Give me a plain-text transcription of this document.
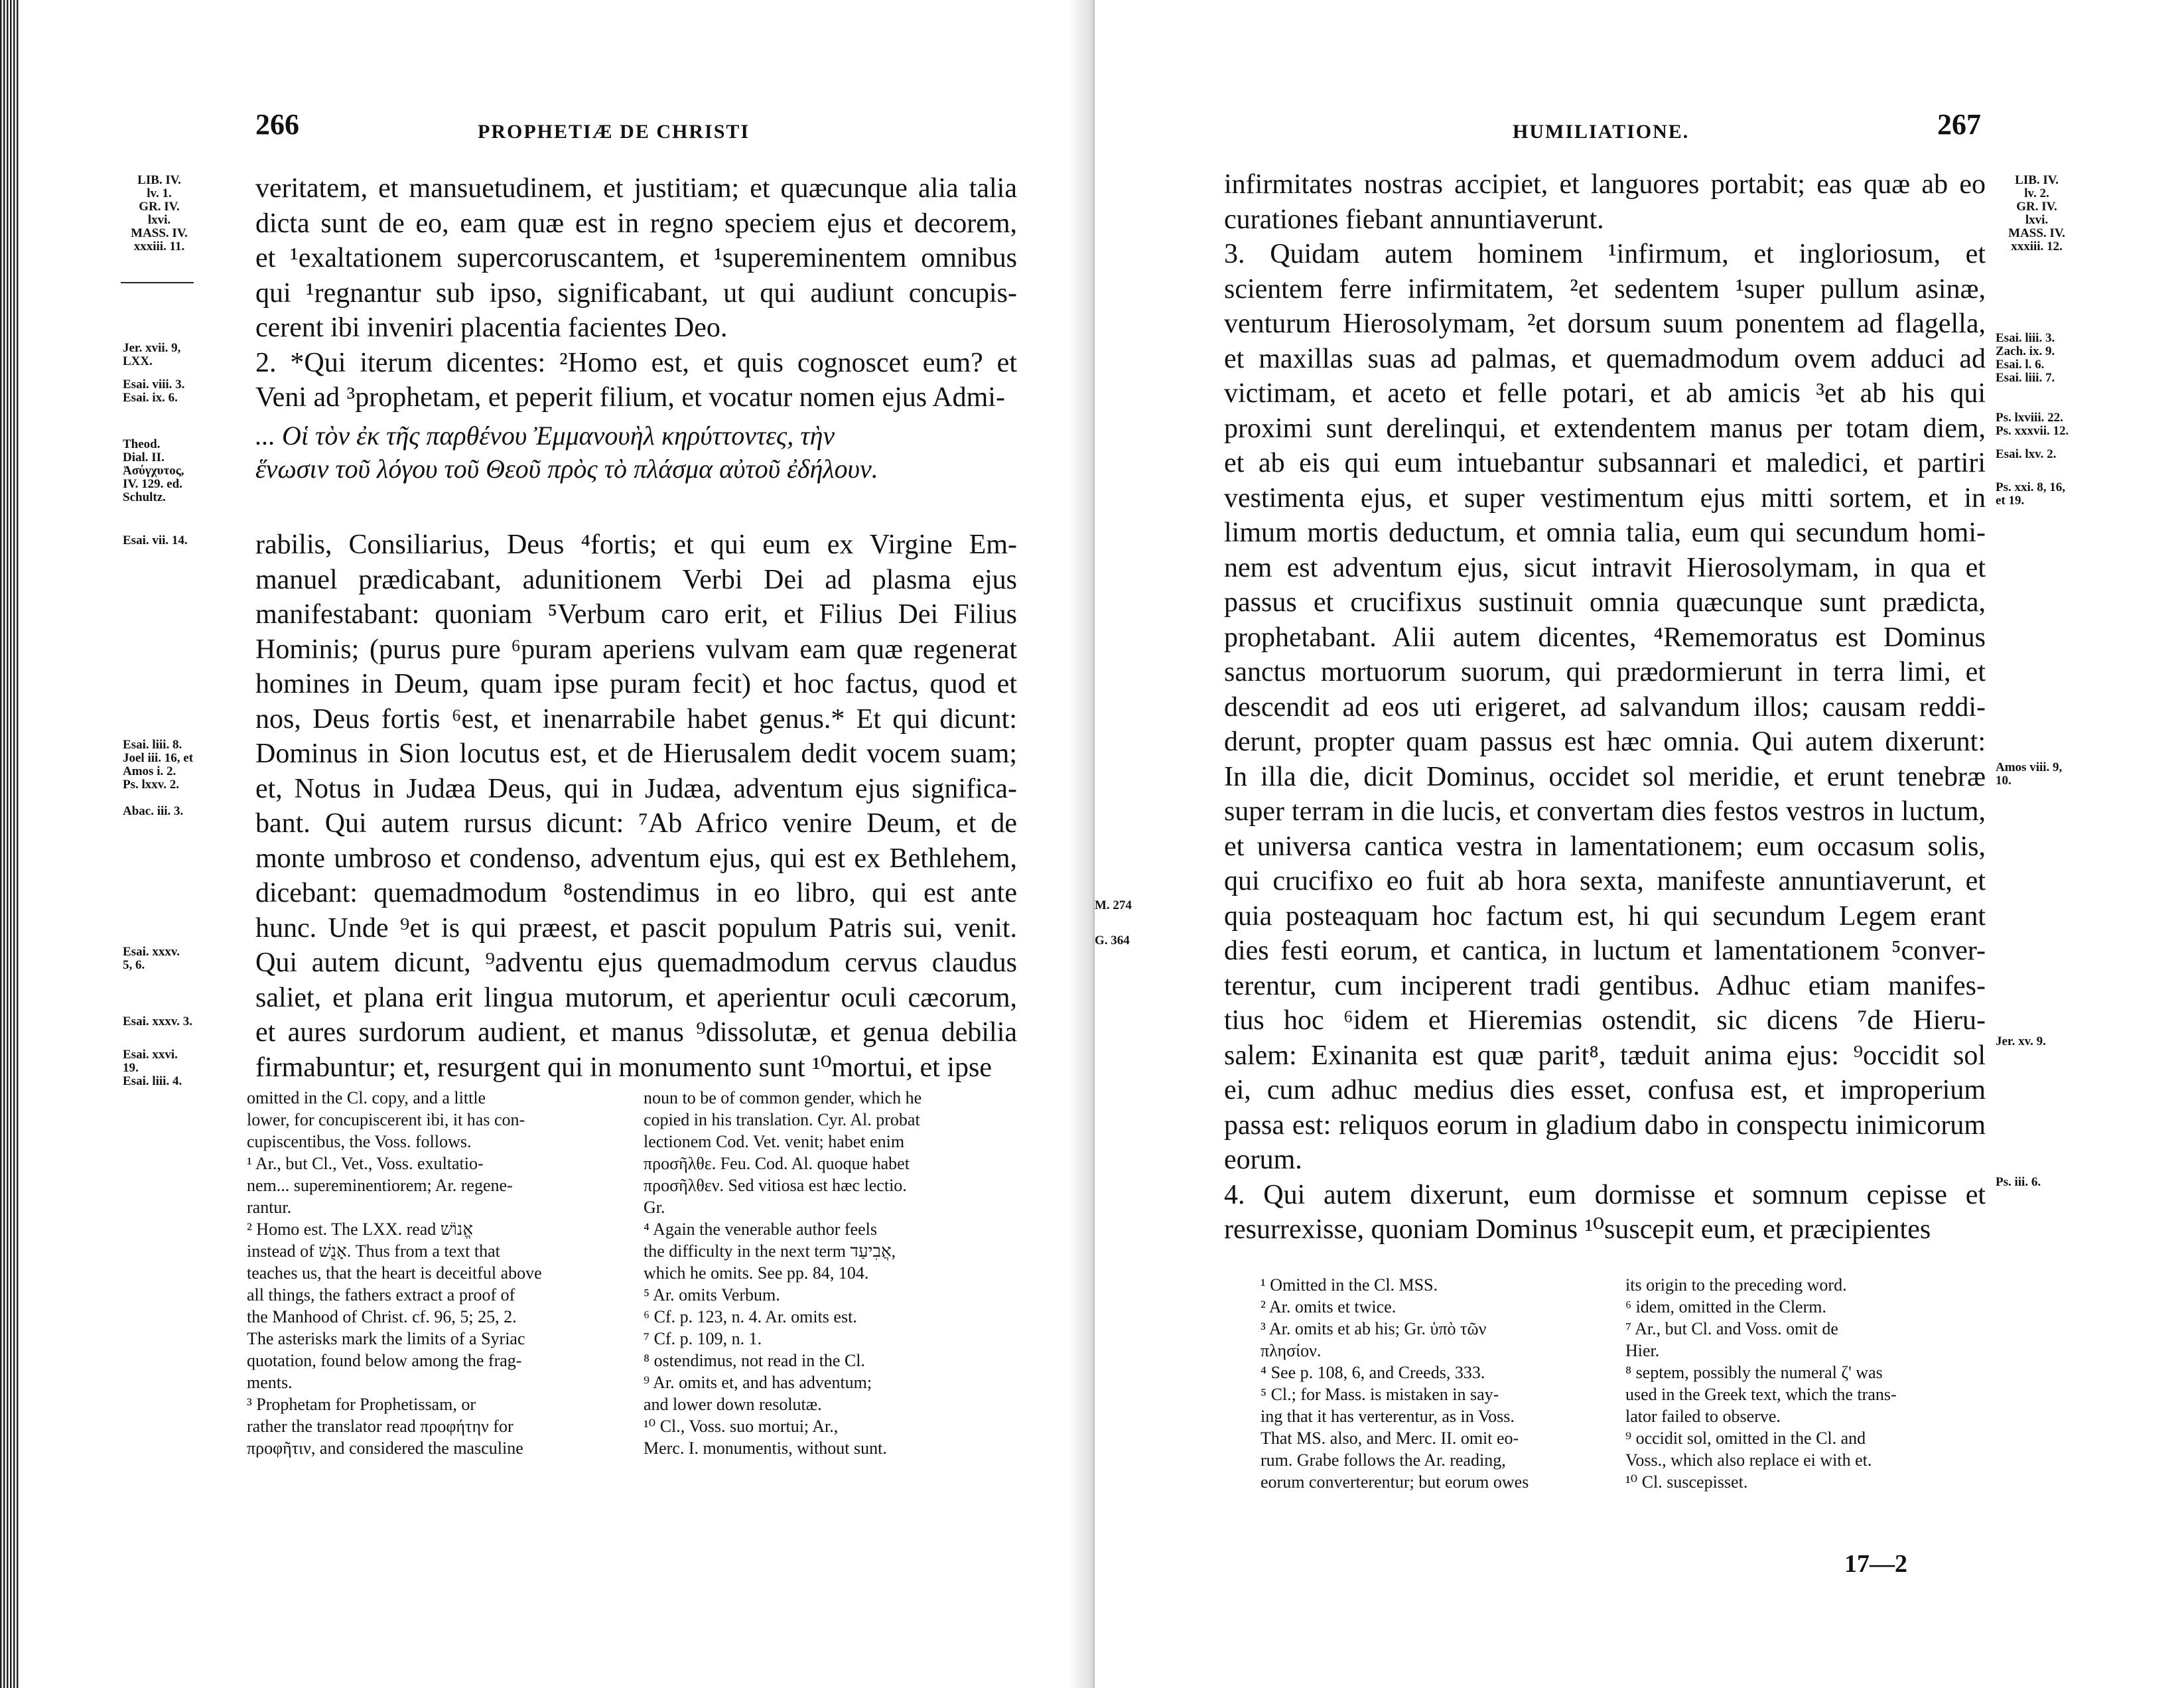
266	PROPHETIÆ DE CHRISTI
LIB. IV.
lv. 1.
GR. IV.
lxvi.
MASS. IV.
xxxiii. 11.
Jer. xvii. 9,
LXX.
Esai. viii. 3.
Esai. ix. 6.
Theod.
Dial. II.
Ἀσύγχυτος,
IV. 129. ed.
Schultz.
Esai. vii. 14.
Esai. liii. 8.
Joel iii. 16, et
Amos i. 2.
Ps. lxxv. 2.
Abac. iii. 3.
Esai. xxxv.
5, 6.
Esai. xxxv. 3.
Esai. xxvi.
19.
Esai. liii. 4.
veritatem, et mansuetudinem, et justitiam; et quæcunque alia talia
dicta sunt de eo, eam quæ est in regno speciem ejus et decorem,
et ¹exaltationem supercoruscantem, et ¹supereminentem omnibus
qui ¹regnantur sub ipso, significabant, ut qui audiunt concupis-
cerent ibi inveniri placentia facientes Deo.
2. *Qui iterum dicentes: ²Homo est, et quis cognoscet eum? et
Veni ad ³prophetam, et peperit filium, et vocatur nomen ejus Admi-
... Οἱ τὸν ἐκ τῆς παρθένου Ἐμμανουὴλ κηρύττοντες, τὴν
ἕνωσιν τοῦ λόγου τοῦ Θεοῦ πρὸς τὸ πλάσμα αὐτοῦ ἐδήλουν.
rabilis, Consiliarius, Deus ⁴fortis; et qui eum ex Virgine Em-
manuel prædicabant, adunitionem Verbi Dei ad plasma ejus
manifestabant: quoniam ⁵Verbum caro erit, et Filius Dei Filius
Hominis; (purus pure ⁶puram aperiens vulvam eam quæ regenerat
homines in Deum, quam ipse puram fecit) et hoc factus, quod et
nos, Deus fortis ⁶est, et inenarrabile habet genus.* Et qui dicunt:
Dominus in Sion locutus est, et de Hierusalem dedit vocem suam;
et, Notus in Judæa Deus, qui in Judæa, adventum ejus significa-
bant. Qui autem rursus dicunt: ⁷Ab Africo venire Deum, et de
monte umbroso et condenso, adventum ejus, qui est ex Bethlehem,
dicebant: quemadmodum ⁸ostendimus in eo libro, qui est ante
hunc. Unde ⁹et is qui præest, et pascit populum Patris sui, venit.
Qui autem dicunt, ⁹adventu ejus quemadmodum cervus claudus
saliet, et plana erit lingua mutorum, et aperientur oculi cæcorum,
et aures surdorum audient, et manus ⁹dissolutæ, et genua debilia
firmabuntur; et, resurgent qui in monumento sunt ¹⁰mortui, et ipse
omitted in the Cl. copy, and a little
lower, for concupiscerent ibi, it has con-
cupiscentibus, the Voss. follows.
¹ Ar., but Cl., Vet., Voss. exultatio-
nem... supereminentiorem; Ar. regene-
rantur.
² Homo est. The LXX. read אֱנוֹשׁ
instead of אָנֻשׁ. Thus from a text that
teaches us, that the heart is deceitful above
all things, the fathers extract a proof of
the Manhood of Christ. cf. 96, 5; 25, 2.
The asterisks mark the limits of a Syriac
quotation, found below among the frag-
ments.
³ Prophetam for Prophetissam, or
rather the translator read προφήτην for
προφῆτιν, and considered the masculine
noun to be of common gender, which he
copied in his translation. Cyr. Al. probat
lectionem Cod. Vet. venit; habet enim
προσῆλθε. Feu. Cod. Al. quoque habet
προσῆλθεν. Sed vitiosa est hæc lectio.
Gr.
⁴ Again the venerable author feels
the difficulty in the next term אֲבִיעַד,
which he omits. See pp. 84, 104.
⁵ Ar. omits Verbum.
⁶ Cf. p. 123, n. 4. Ar. omits est.
⁷ Cf. p. 109, n. 1.
⁸ ostendimus, not read in the Cl.
⁹ Ar. omits et, and has adventum;
and lower down resolutæ.
¹⁰ Cl., Voss. suo mortui; Ar.,
Merc. I. monumentis, without sunt.
HUMILIATIONE.	267
infirmitates nostras accipiet, et languores portabit; eas quæ ab eo
curationes fiebant annuntiaverunt.
3. Quidam autem hominem ¹infirmum, et ingloriosum, et
scientem ferre infirmitatem, ²et sedentem ¹super pullum asinæ,
venturum Hierosolymam, ²et dorsum suum ponentem ad flagella,
et maxillas suas ad palmas, et quemadmodum ovem adduci ad
victimam, et aceto et felle potari, et ab amicis ³et ab his qui
proximi sunt derelinqui, et extendentem manus per totam diem,
et ab eis qui eum intuebantur subsannari et maledici, et partiri
vestimenta ejus, et super vestimentum ejus mitti sortem, et in
limum mortis deductum, et omnia talia, eum qui secundum homi-
nem est adventum ejus, sicut intravit Hierosolymam, in qua et
passus et crucifixus sustinuit omnia quæcunque sunt prædicta,
prophetabant. Alii autem dicentes, ⁴Rememoratus est Dominus
sanctus mortuorum suorum, qui prædormierunt in terra limi, et
descendit ad eos uti erigeret, ad salvandum illos; causam reddi-
derunt, propter quam passus est hæc omnia. Qui autem dixerunt:
In illa die, dicit Dominus, occidet sol meridie, et erunt tenebræ
super terram in die lucis, et convertam dies festos vestros in luctum,
et universa cantica vestra in lamentationem; eum occasum solis,
qui crucifixo eo fuit ab hora sexta, manifeste annuntiaverunt, et
quia posteaquam hoc factum est, hi qui secundum Legem erant
dies festi eorum, et cantica, in luctum et lamentationem ⁵conver-
terentur, cum inciperent tradi gentibus. Adhuc etiam manifes-
tius hoc ⁶idem et Hieremias ostendit, sic dicens ⁷de Hieru-
salem: Exinanita est quæ parit⁸, tæduit anima ejus: ⁹occidit sol
ei, cum adhuc medius dies esset, confusa est, et improperium
passa est: reliquos eorum in gladium dabo in conspectu inimicorum
eorum.
4. Qui autem dixerunt, eum dormisse et somnum cepisse et
resurrexisse, quoniam Dominus ¹⁰suscepit eum, et præcipientes
LIB. IV.
lv. 2.
GR. IV.
lxvi.
MASS. IV.
xxxiii. 12.
Esai. liii. 3.
Zach. ix. 9.
Esai. l. 6.
Esai. liii. 7.
Ps. lxviii. 22.
Ps. xxxvii. 12.
Esai. lxv. 2.
Ps. xxi. 8, 16,
et 19.
Amos viii. 9,
10.
Jer. xv. 9.
Ps. iii. 6.
M. 274
G. 364
¹ Omitted in the Cl. MSS.
² Ar. omits et twice.
³ Ar. omits et ab his; Gr. ὑπὸ τῶν
πλησίον.
⁴ See p. 108, 6, and Creeds, 333.
⁵ Cl.; for Mass. is mistaken in say-
ing that it has verterentur, as in Voss.
That MS. also, and Merc. II. omit eo-
rum. Grabe follows the Ar. reading,
eorum converterentur; but eorum owes
its origin to the preceding word.
⁶ idem, omitted in the Clerm.
⁷ Ar., but Cl. and Voss. omit de
Hier.
⁸ septem, possibly the numeral ζ' was
used in the Greek text, which the trans-
lator failed to observe.
⁹ occidit sol, omitted in the Cl. and
Voss., which also replace ei with et.
¹⁰ Cl. suscepisset.
17—2
